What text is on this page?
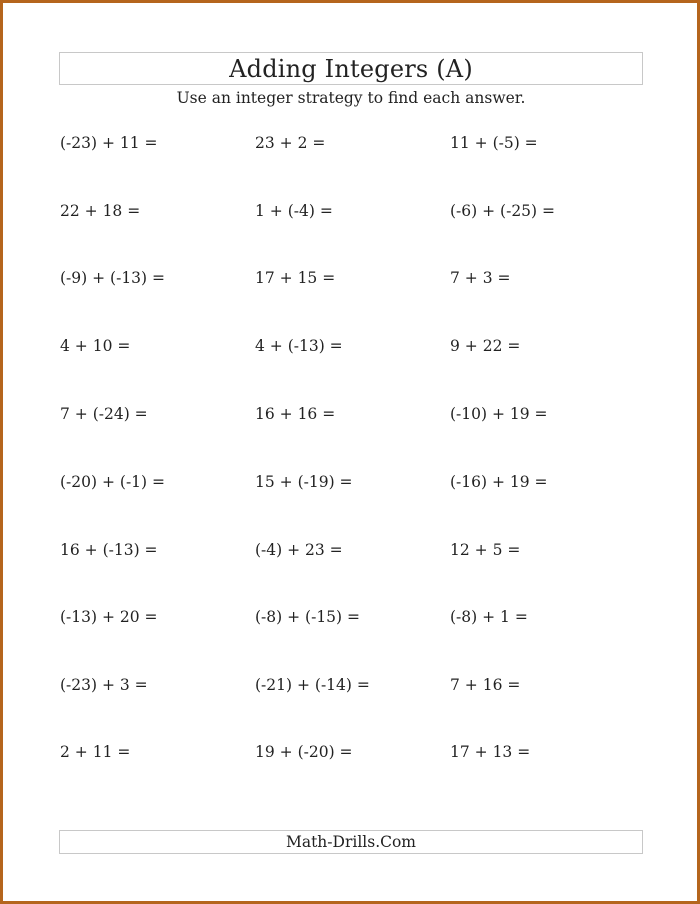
Adding Integers (A)
Use an integer strategy to find each answer.
(-23) + 11 =	23 + 2 =	11 + (-5) =
22 + 18 =	1 + (-4) =	(-6) + (-25) =
(-9) + (-13) =	17 + 15 =	7 + 3 =
4 + 10 =	4 + (-13) =	9 + 22 =
7 + (-24) =	16 + 16 =	(-10) + 19 =
(-20) + (-1) =	15 + (-19) =	(-16) + 19 =
16 + (-13) =	(-4) + 23 =	12 + 5 =
(-13) + 20 =	(-8) + (-15) =	(-8) + 1 =
(-23) + 3 =	(-21) + (-14) =	7 + 16 =
2 + 11 =	19 + (-20) =	17 + 13 =
Math-Drills.Com
